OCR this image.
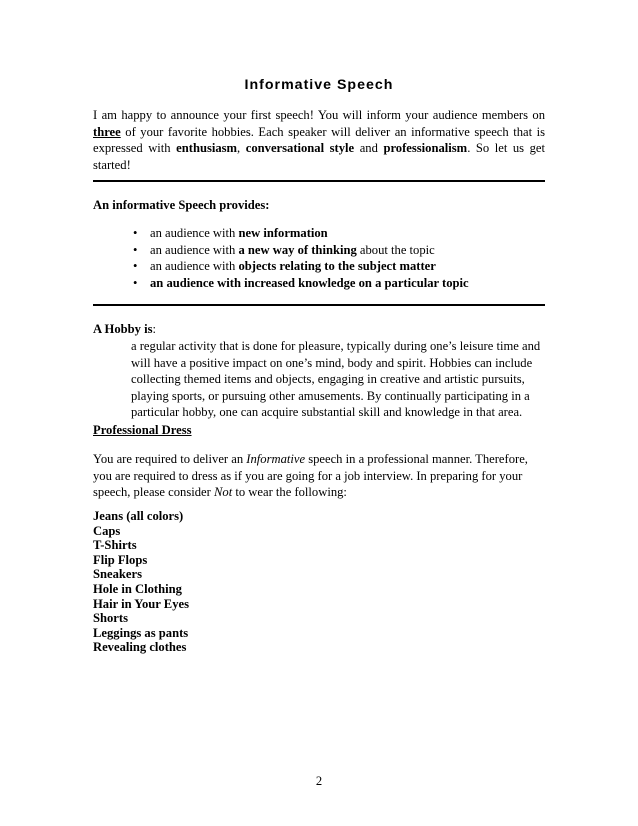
Informative Speech
I am happy to announce your first speech! You will inform your audience members on three of your favorite hobbies. Each speaker will deliver an informative speech that is expressed with enthusiasm, conversational style and professionalism. So let us get started!
An informative Speech provides:
• an audience with new information
• an audience with a new way of thinking about the topic
• an audience with objects relating to the subject matter
• an audience with increased knowledge on a particular topic
A Hobby is:
a regular activity that is done for pleasure, typically during one’s leisure time and will have a positive impact on one’s mind, body and spirit. Hobbies can include collecting themed items and objects, engaging in creative and artistic pursuits, playing sports, or pursuing other amusements. By continually participating in a particular hobby, one can acquire substantial skill and knowledge in that area.
Professional Dress
You are required to deliver an Informative speech in a professional manner. Therefore, you are required to dress as if you are going for a job interview. In preparing for your speech, please consider Not to wear the following:
Jeans (all colors)
Caps
T-Shirts
Flip Flops
Sneakers
Hole in Clothing
Hair in Your Eyes
Shorts
Leggings as pants
Revealing clothes
2
